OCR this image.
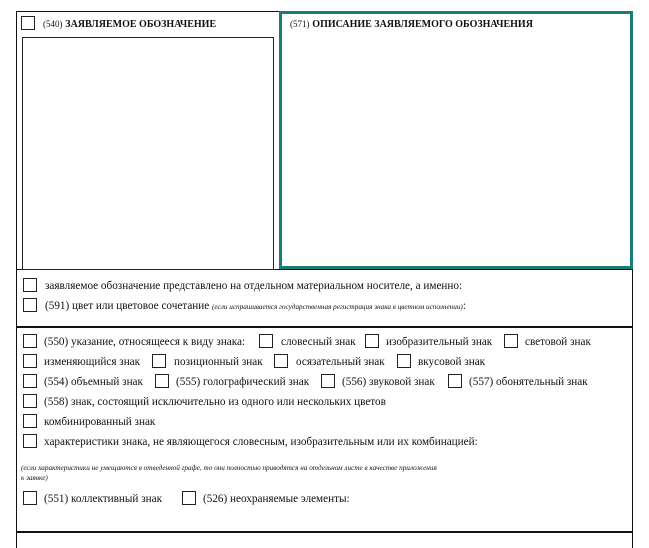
(540) ЗАЯВЛЯЕМОЕ ОБОЗНАЧЕНИЕ	(571) ОПИСАНИЕ ЗАЯВЛЯЕМОГО ОБОЗНАЧЕНИЯ
заявляемое обозначение представлено на отдельном материальном носителе, а именно:
(591) цвет или цветовое сочетание (если испрашивается государственная регистрация знака в цветном исполнении):
(550) указание, относящееся к виду знака:	словесный знак	изобразительный знак	световой знак
изменяющийся знак	позиционный знак	осязательный знак	вкусовой знак
(554) объемный знак	(555) голографический знак	(556) звуковой знак	(557) обонятельный знак
(558) знак, состоящий исключительно из одного или нескольких цветов
комбинированный знак
характеристики знака, не являющегося словесным, изобразительным или их комбинацией:
(если характеристики не умещаются в отведенной графе, то они полностью приводятся на отдельном листе в качестве приложения
к заявке)
(551) коллективный знак	(526) неохраняемые элементы:
